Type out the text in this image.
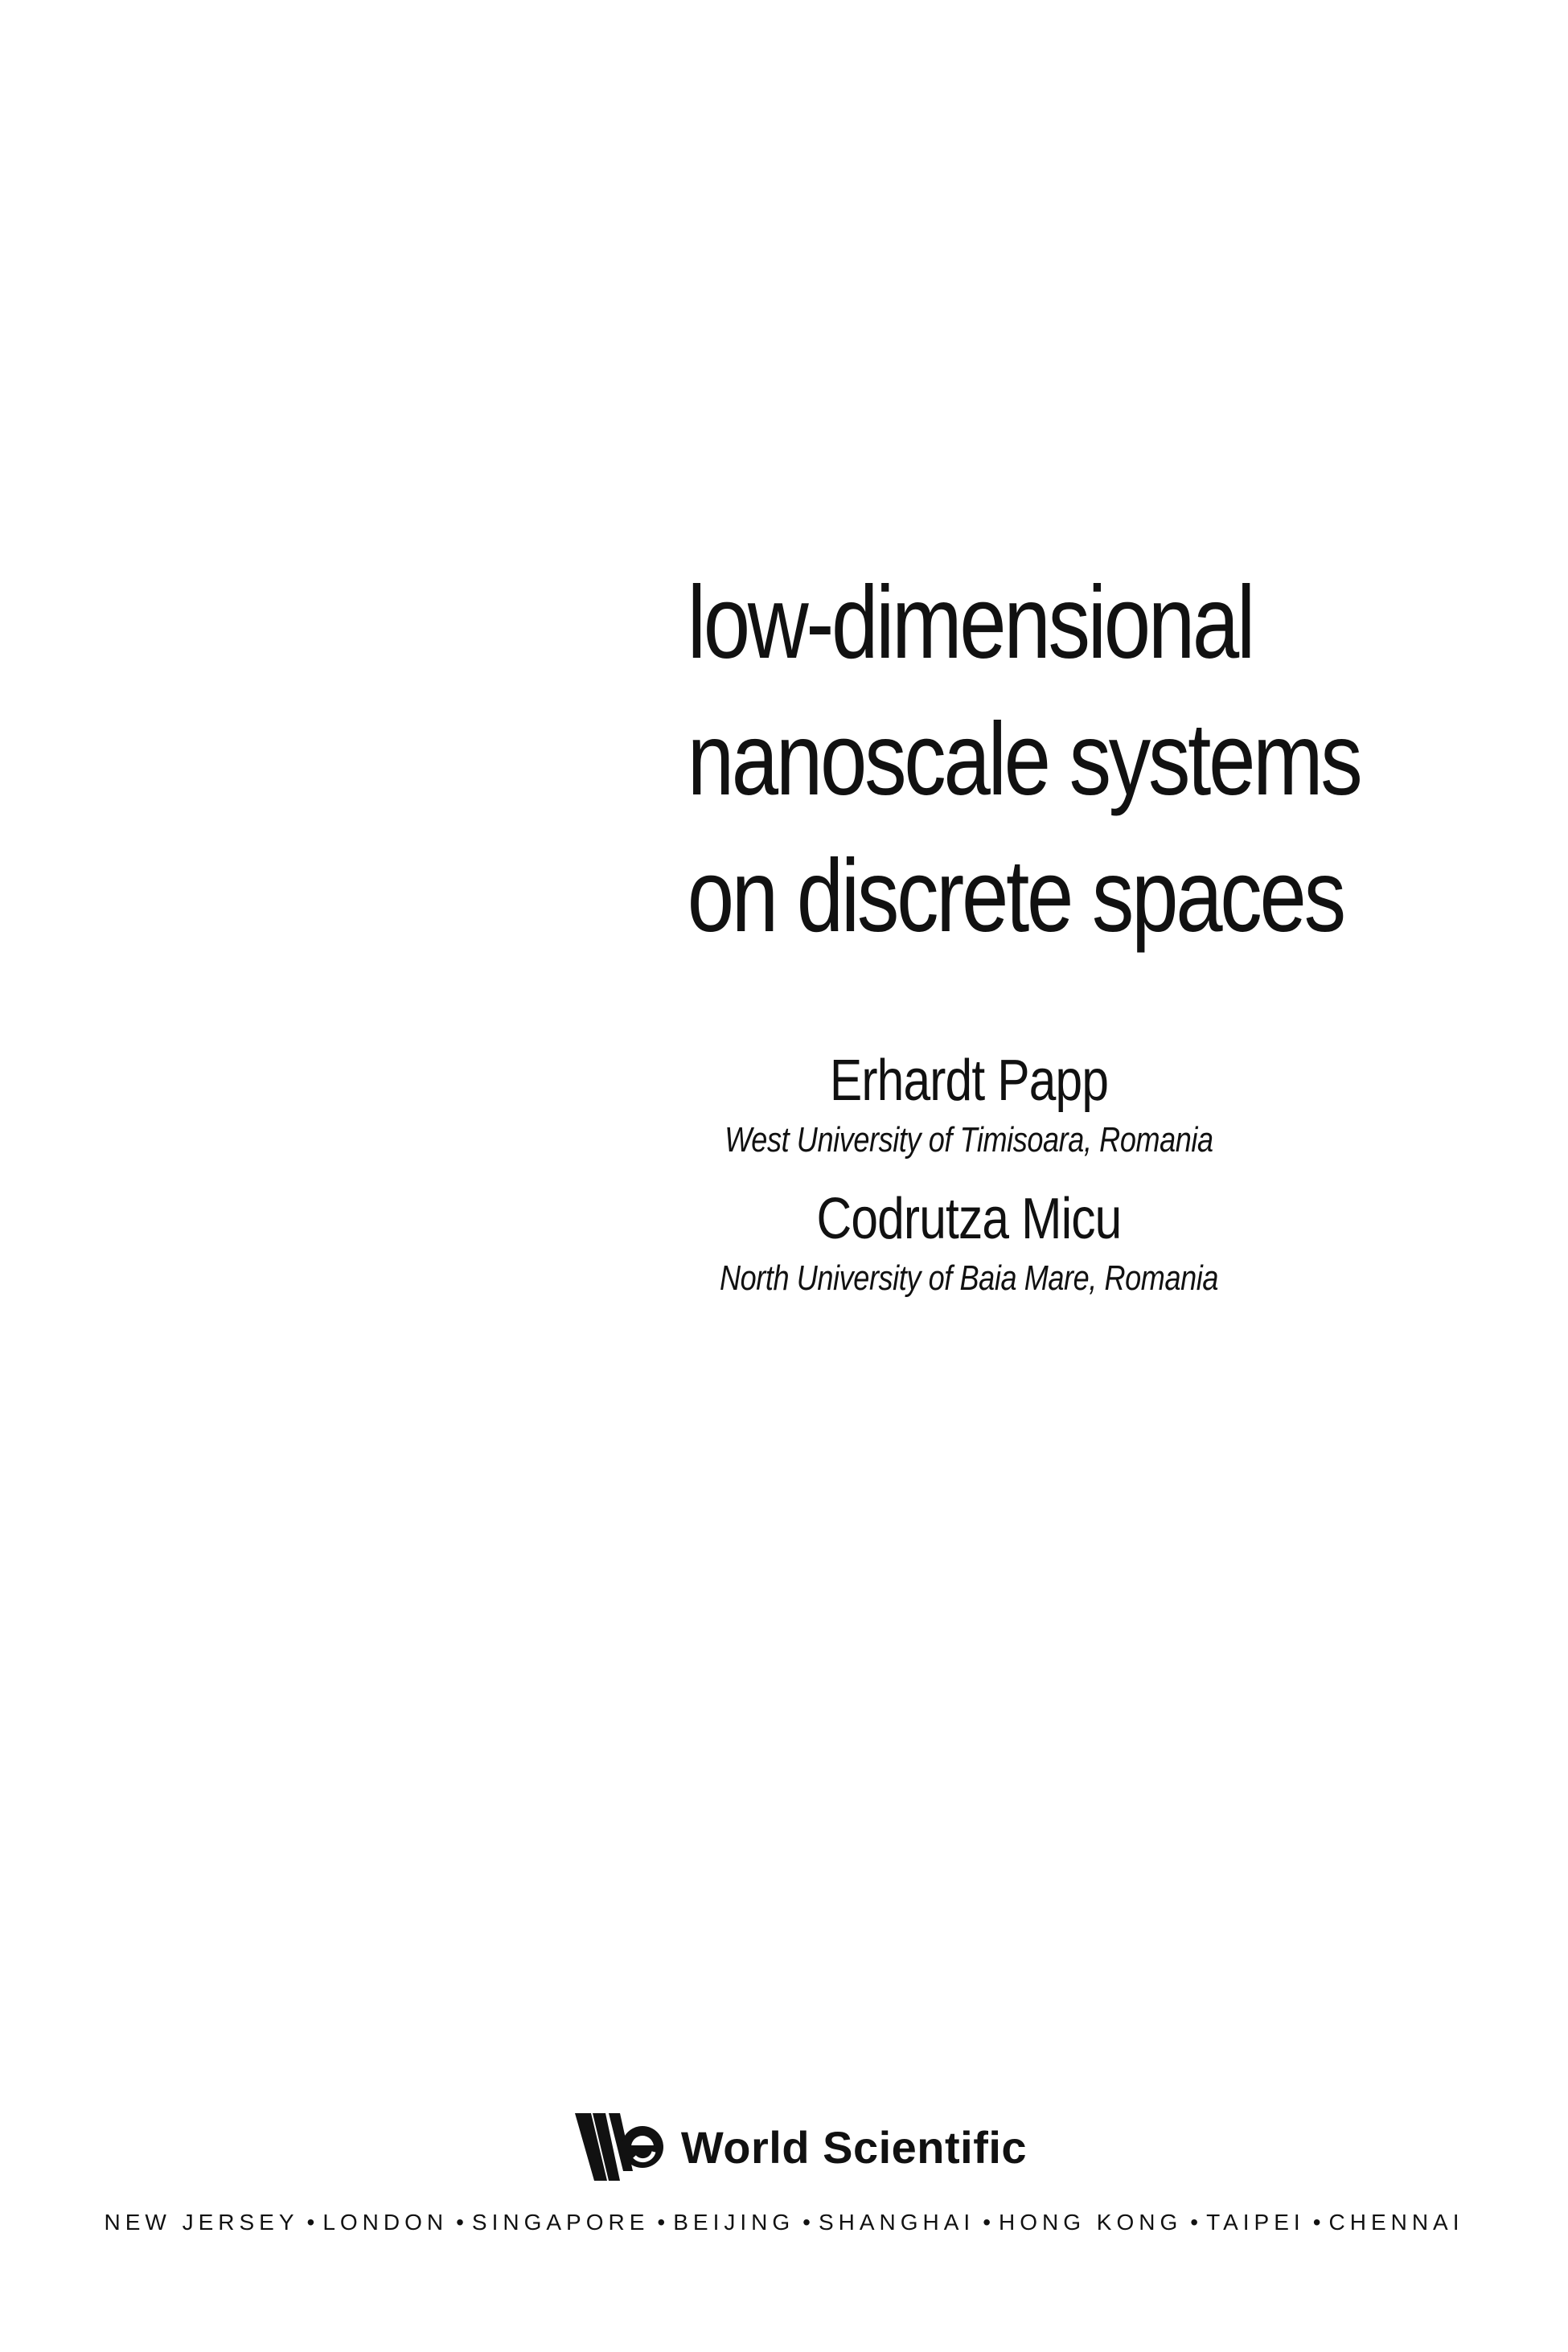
low-dimensional
nanoscale systems
on discrete spaces
Erhardt Papp
West University of Timisoara, Romania
Codrutza Micu
North University of Baia Mare, Romania
World Scientific
NEW JERSEY • LONDON • SINGAPORE • BEIJING • SHANGHAI • HONG KONG • TAIPEI • CHENNAI
